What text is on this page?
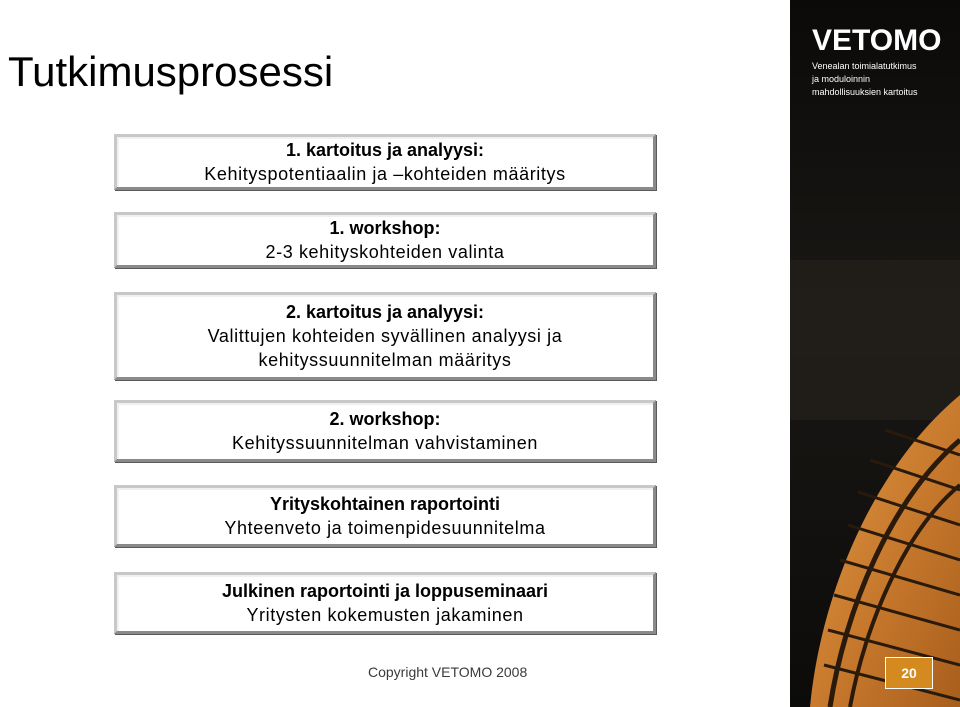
Tutkimusprosessi
VETOMO
Venealan toimialatutkimus
ja moduloinnin
mahdollisuuksien kartoitus
1. kartoitus ja analyysi:
Kehityspotentiaalin ja –kohteiden määritys
1. workshop:
2-3 kehityskohteiden valinta
2. kartoitus ja analyysi:
Valittujen kohteiden syvällinen analyysi ja
kehityssuunnitelman määritys
2. workshop:
Kehityssuunnitelman vahvistaminen
Yrityskohtainen raportointi
Yhteenveto ja toimenpidesuunnitelma
Julkinen raportointi ja loppuseminaari
Yritysten kokemusten jakaminen
Copyright VETOMO 2008	20
